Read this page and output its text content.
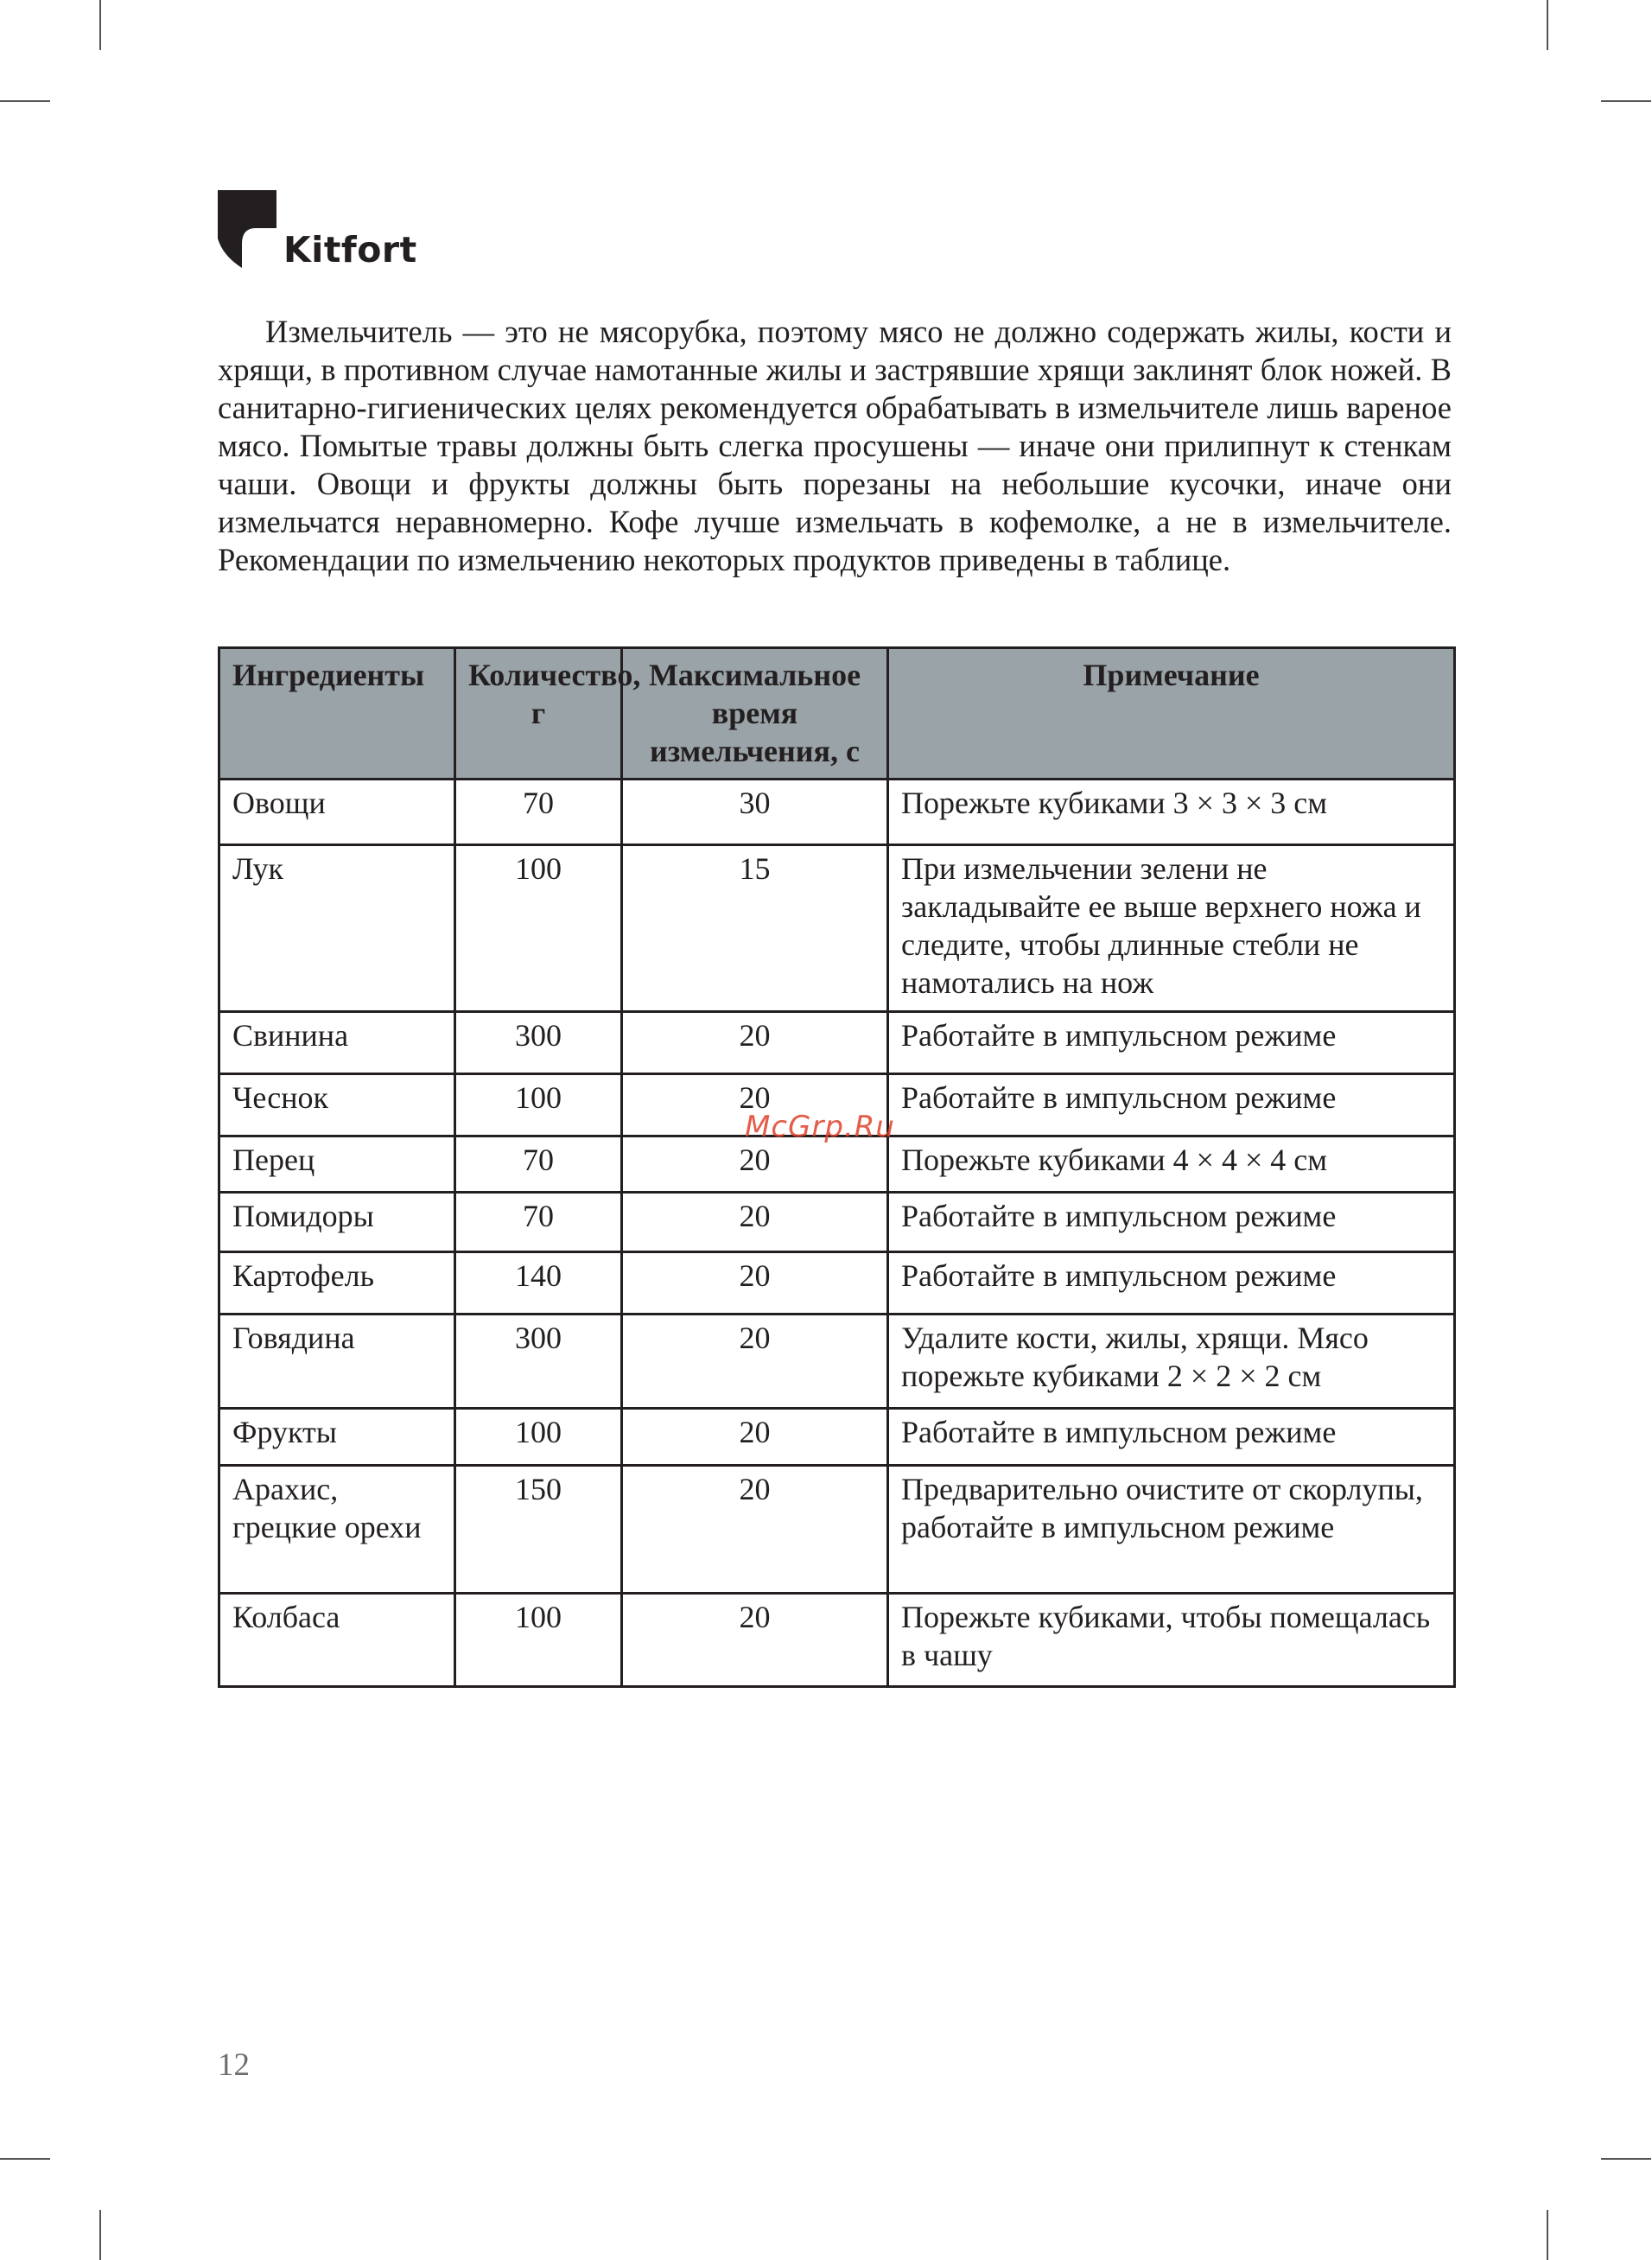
Kitfort

Измельчитель — это не мясорубка, поэтому мясо не должно содержать жилы, кости и хрящи, в противном случае намотанные жилы и застрявшие хрящи заклинят блок ножей. В санитарно-гигиенических целях рекомендуется обрабатывать в измельчителе лишь вареное мясо. Помытые травы должны быть слегка просушены — иначе они прилипнут к стенкам чаши. Овощи и фрукты должны быть порезаны на небольшие кусочки, иначе они измельчатся неравномерно. Кофе лучше измельчать в кофемолке, а не в измельчителе. Рекомендации по измельчению некоторых продуктов приведены в таблице.

Ингредиенты	Количество, г	Максимальное время измельчения, с	Примечание
Овощи	70	30	Порежьте кубиками 3 × 3 × 3 см
Лук	100	15	При измельчении зелени не закладывайте ее выше верхнего ножа и следите, чтобы длинные стебли не намотались на нож
Свинина	300	20	Работайте в импульсном режиме
Чеснок	100	20	Работайте в импульсном режиме
Перец	70	20	Порежьте кубиками 4 × 4 × 4 см
Помидоры	70	20	Работайте в импульсном режиме
Картофель	140	20	Работайте в импульсном режиме
Говядина	300	20	Удалите кости, жилы, хрящи. Мясо порежьте кубиками 2 × 2 × 2 см
Фрукты	100	20	Работайте в импульсном режиме
Арахис, грецкие орехи	150	20	Предварительно очистите от скорлупы, работайте в импульсном режиме
Колбаса	100	20	Порежьте кубиками, чтобы помещалась в чашу
McGrp.Ru
12
